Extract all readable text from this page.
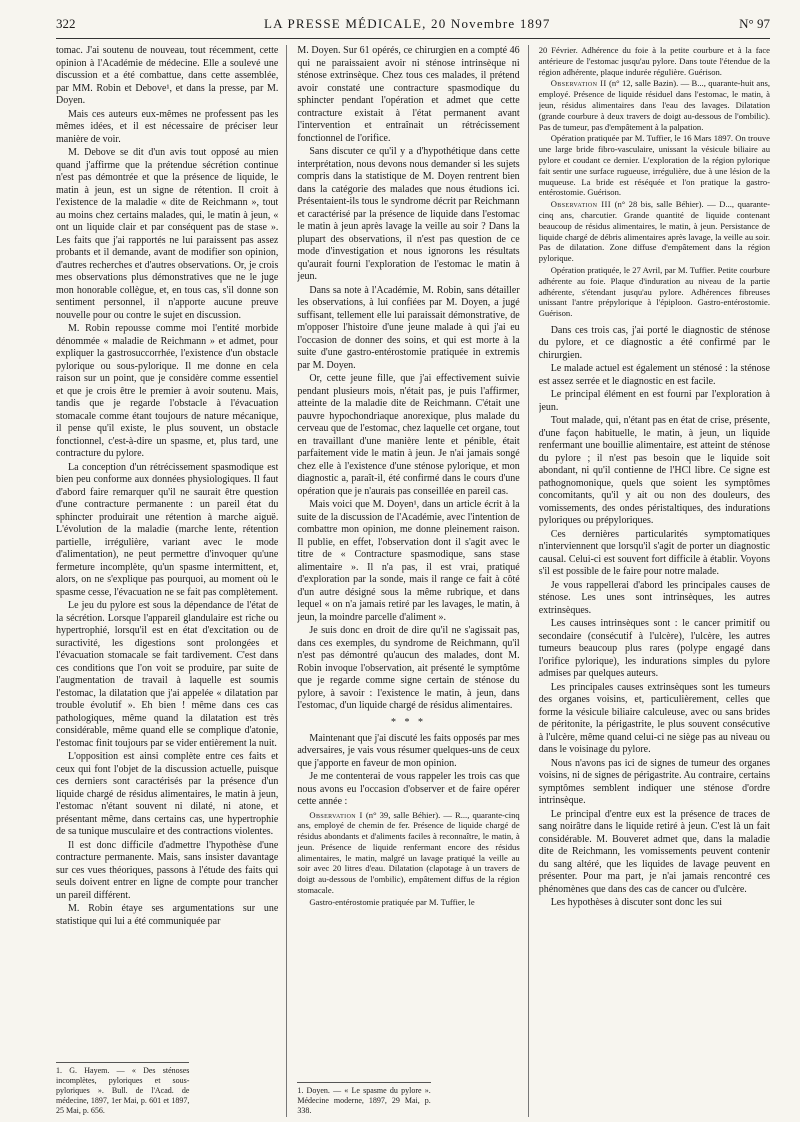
322	LA PRESSE MÉDICALE, 20 Novembre 1897	N° 97

tomac. J'ai soutenu de nouveau, tout récemment, cette opinion à l'Académie de médecine. Elle a soulevé une discussion et a été combattue, dans cette assemblée, par MM. Robin et Debove¹, et dans la presse, par M. Doyen.

Mais ces auteurs eux-mêmes ne professent pas les mêmes idées, et il est nécessaire de préciser leur manière de voir.

M. Debove se dit d'un avis tout opposé au mien quand j'affirme que la prétendue sécrétion continue n'est pas démontrée et que la présence de liquide, le matin à jeun, est un signe de rétention. Il croit à l'existence de la maladie « dite de Reichmann », tout au moins chez certains malades, qui, le matin à jeun, « ont un liquide clair et par conséquent pas de stase ». Les faits que j'ai rapportés ne lui paraissent pas assez probants et il demande, avant de modifier son opinion, d'autres recherches et d'autres observations. Or, je crois mes observations plus démonstratives que ne le juge mon honorable collègue, et, en tous cas, s'il donne son sentiment personnel, il n'apporte aucune preuve nouvelle pour ou contre le sujet en discussion.

M. Robin repousse comme moi l'entité morbide dénommée « maladie de Reichmann » et admet, pour expliquer la gastrosuccorrhée, l'existence d'un obstacle pylorique ou sous-pylorique. Il me donne en cela raison sur un point, que je considère comme essentiel et que je crois être le premier à avoir soutenu. Mais, tandis que je regarde l'obstacle à l'évacuation stomacale comme étant toujours de nature mécanique, il pense qu'il existe, le plus souvent, un obstacle fonctionnel, c'est-à-dire un spasme, et, plus tard, une contracture du pylore.

La conception d'un rétrécissement spasmodique est bien peu conforme aux données physiologiques. Il faut d'abord faire remarquer qu'il ne saurait être question d'une contracture permanente : un pareil état du sphincter produirait une rétention à marche aiguë. L'évolution de la maladie (marche lente, rétention partielle, irrégulière, variant avec le mode d'alimentation), ne peut permettre d'invoquer qu'une fermeture incomplète, qu'un spasme intermittent, et, alors, on ne s'explique pas pourquoi, au moment où le spasme cesse, l'évacuation ne se fait pas complètement.

Le jeu du pylore est sous la dépendance de l'état de la sécrétion. Lorsque l'appareil glandulaire est riche ou hypertrophié, lorsqu'il est en état d'excitation ou de suractivité, les digestions sont prolongées et l'évacuation stomacale se fait tardivement. C'est dans ces conditions que l'on voit se produire, par suite de l'augmentation de travail à laquelle est soumis l'estomac, la dilatation que j'ai appelée « dilatation par trouble évolutif ». Eh bien ! même dans ces cas pathologiques, même quand la dilatation est très considérable, même quand elle se complique d'atonie, l'estomac finit toujours par se vider entièrement la nuit.

L'opposition est ainsi complète entre ces faits et ceux qui font l'objet de la discussion actuelle, puisque ces derniers sont caractérisés par la présence d'un liquide chargé de résidus alimentaires, le matin à jeun, l'estomac n'étant souvent ni dilaté, ni atone, et présentant même, dans certains cas, une hypertrophie de sa tunique musculaire et des contractions violentes.

Il est donc difficile d'admettre l'hypothèse d'une contracture permanente. Mais, sans insister davantage sur ces vues théoriques, passons à l'étude des faits qui seuls doivent entrer en ligne de compte pour trancher un pareil différent.

M. Robin étaye ses argumentations sur une statistique qui lui a été communiquée par

1. G. Hayem. — « Des sténoses incomplètes, pyloriques et sous-pyloriques ». Bull. de l'Acad. de médecine, 1897, 1er Mai, p. 601 et 1897, 25 Mai, p. 656.

M. Doyen. Sur 61 opérés, ce chirurgien en a compté 46 qui ne paraissaient avoir ni sténose intrinsèque ni sténose extrinsèque. Chez tous ces malades, il prétend avoir constaté une contracture spasmodique du sphincter pendant l'opération et admet que cette contracture existait à l'état permanent avant l'intervention et entraînait un rétrécissement fonctionnel de l'orifice.

Sans discuter ce qu'il y a d'hypothétique dans cette interprétation, nous devons nous demander si les sujets compris dans la statistique de M. Doyen rentrent bien dans la catégorie des malades que nous étudions ici. Présentaient-ils tous le syndrome décrit par Reichmann et caractérisé par la présence de liquide dans l'estomac le matin à jeun après lavage la veille au soir ? Dans la plupart des observations, il n'est pas question de ce mode d'investigation et nous ignorons les résultats qu'aurait fourni l'exploration de l'estomac le matin à jeun.

Dans sa note à l'Académie, M. Robin, sans détailler les observations, à lui confiées par M. Doyen, a jugé suffisant, tellement elle lui paraissait démonstrative, de m'opposer l'histoire d'une jeune malade à qui j'ai eu l'occasion de donner des soins, et qui est morte à la suite d'une gastro-entérostomie pratiquée in extremis par M. Doyen.

Or, cette jeune fille, que j'ai effectivement suivie pendant plusieurs mois, n'était pas, je puis l'affirmer, atteinte de la maladie dite de Reichmann. C'était une pauvre hypochondriaque anorexique, plus malade du cerveau que de l'estomac, chez laquelle cet organe, tout en travaillant d'une manière lente et pénible, était parfaitement vide le matin à jeun. Je n'ai jamais songé chez elle à l'existence d'une sténose pylorique, et mon diagnostic a, paraît-il, été confirmé dans le cours d'une opération que je n'aurais pas conseillée en pareil cas.

Mais voici que M. Doyen¹, dans un article écrit à la suite de la discussion de l'Académie, avec l'intention de combattre mon opinion, me donne pleinement raison. Il publie, en effet, l'observation dont il s'agit avec le titre de « Contracture spasmodique, sans stase alimentaire ». Il n'a pas, il est vrai, pratiqué d'exploration par la sonde, mais il range ce fait à côté d'un autre désigné sous la même rubrique, et dans lequel « on n'a jamais retiré par les lavages, le matin, à jeun, la moindre parcelle d'aliment ».

Je suis donc en droit de dire qu'il ne s'agissait pas, dans ces exemples, du syndrome de Reichmann, qu'il n'est pas démontré qu'aucun des malades, dont M. Robin invoque l'observation, ait présenté le symptôme que je regarde comme signe certain de sténose du pylore, à savoir : l'existence le matin, à jeun, dans l'estomac, d'un liquide chargé de résidus alimentaires.

* * *

Maintenant que j'ai discuté les faits opposés par mes adversaires, je vais vous résumer quelques-uns de ceux que j'apporte en faveur de mon opinion.

Je me contenterai de vous rappeler les trois cas que nous avons eu l'occasion d'observer et de faire opérer cette année :

Observation I (n° 39, salle Béhier). — R..., quarante-cinq ans, employé de chemin de fer. Présence de liquide chargé de résidus abondants et d'aliments faciles à reconnaître, le matin, à jeun. Présence de liquide renfermant encore des résidus alimentaires, le matin, malgré un lavage pratiqué la veille au soir avec 20 litres d'eau. Dilatation (clapotage à un travers de doigt au-dessous de l'ombilic), empâtement diffus de la région stomacale.

Gastro-entérostomie pratiquée par M. Tuffier, le

1. Doyen. — « Le spasme du pylore ». Médecine moderne, 1897, 29 Mai, p. 338.

20 Février. Adhérence du foie à la petite courbure et à la face antérieure de l'estomac jusqu'au pylore. Dans toute l'étendue de la région adhérente, plaque indurée régulière. Guérison.

Observation II (n° 12, salle Bazin). — B..., quarante-huit ans, employé. Présence de liquide résiduel dans l'estomac, le matin, à jeun, résidus alimentaires dans l'eau des lavages. Dilatation (grande courbure à deux travers de doigt au-dessous de l'ombilic). Pas de tumeur, pas d'empâtement à la palpation.

Opération pratiquée par M. Tuffier, le 16 Mars 1897. On trouve une large bride fibro-vasculaire, unissant la vésicule biliaire au pylore et coudant ce dernier. L'exploration de la région pylorique fait sentir une surface rugueuse, irrégulière, due à une lésion de la muqueuse. La bride est réséquée et l'on pratique la gastro-entérostomie. Guérison.

Observation III (n° 28 bis, salle Béhier). — D..., quarante-cinq ans, charcutier. Grande quantité de liquide contenant beaucoup de résidus alimentaires, le matin, à jeun. Persistance de liquide chargé de débris alimentaires après lavage, la veille au soir. Pas de dilatation. Zone diffuse d'empâtement dans la région pylorique.

Opération pratiquée, le 27 Avril, par M. Tuffier. Petite courbure adhérente au foie. Plaque d'induration au niveau de la partie adhérente, s'étendant jusqu'au pylore. Adhérences fibreuses unissant l'antre prépylorique à l'épiploon. Gastro-entérostomie. Guérison.

Dans ces trois cas, j'ai porté le diagnostic de sténose du pylore, et ce diagnostic a été confirmé par le chirurgien.

Le malade actuel est également un sténosé : la sténose est assez serrée et le diagnostic en est facile.

Le principal élément en est fourni par l'exploration à jeun.

Tout malade, qui, n'étant pas en état de crise, présente, d'une façon habituelle, le matin, à jeun, un liquide renfermant une bouillie alimentaire, est atteint de sténose du pylore ; il n'est pas besoin que le liquide soit abondant, ni qu'il contienne de l'HCl libre. Ce signe est pathognomonique, quels que soient les symptômes concomitants, qu'il y ait ou non des douleurs, des vomissements, des ondes péristaltiques, des indurations pyloriques ou prépyloriques.

Ces dernières particularités symptomatiques n'interviennent que lorsqu'il s'agit de porter un diagnostic causal. Celui-ci est souvent fort difficile à établir. Voyons s'il est possible de le faire pour notre malade.

Je vous rappellerai d'abord les principales causes de sténose. Les unes sont intrinsèques, les autres extrinsèques.

Les causes intrinsèques sont : le cancer primitif ou secondaire (consécutif à l'ulcère), l'ulcère, les autres tumeurs beaucoup plus rares (polype engagé dans l'orifice pylorique), les indurations simples du pylore admises par quelques auteurs.

Les principales causes extrinsèques sont les tumeurs des organes voisins, et, particulièrement, celles que forme la vésicule biliaire calculeuse, avec ou sans brides de péritonite, la périgastrite, le plus souvent consécutive à l'ulcère, même quand celui-ci ne siège pas au niveau ou dans le voisinage du pylore.

Nous n'avons pas ici de signes de tumeur des organes voisins, ni de signes de périgastrite. Au contraire, certains symptômes semblent indiquer une sténose d'ordre intrinsèque.

Le principal d'entre eux est la présence de traces de sang noirâtre dans le liquide retiré à jeun. C'est là un fait considérable. M. Bouveret admet que, dans la maladie dite de Reichmann, les vomissements peuvent contenir du sang altéré, que les liquides de lavage peuvent en présenter. Pour ma part, je n'ai jamais rencontré ces phénomènes que dans des cas de cancer ou d'ulcère.

Les hypothèses à discuter sont donc les sui
